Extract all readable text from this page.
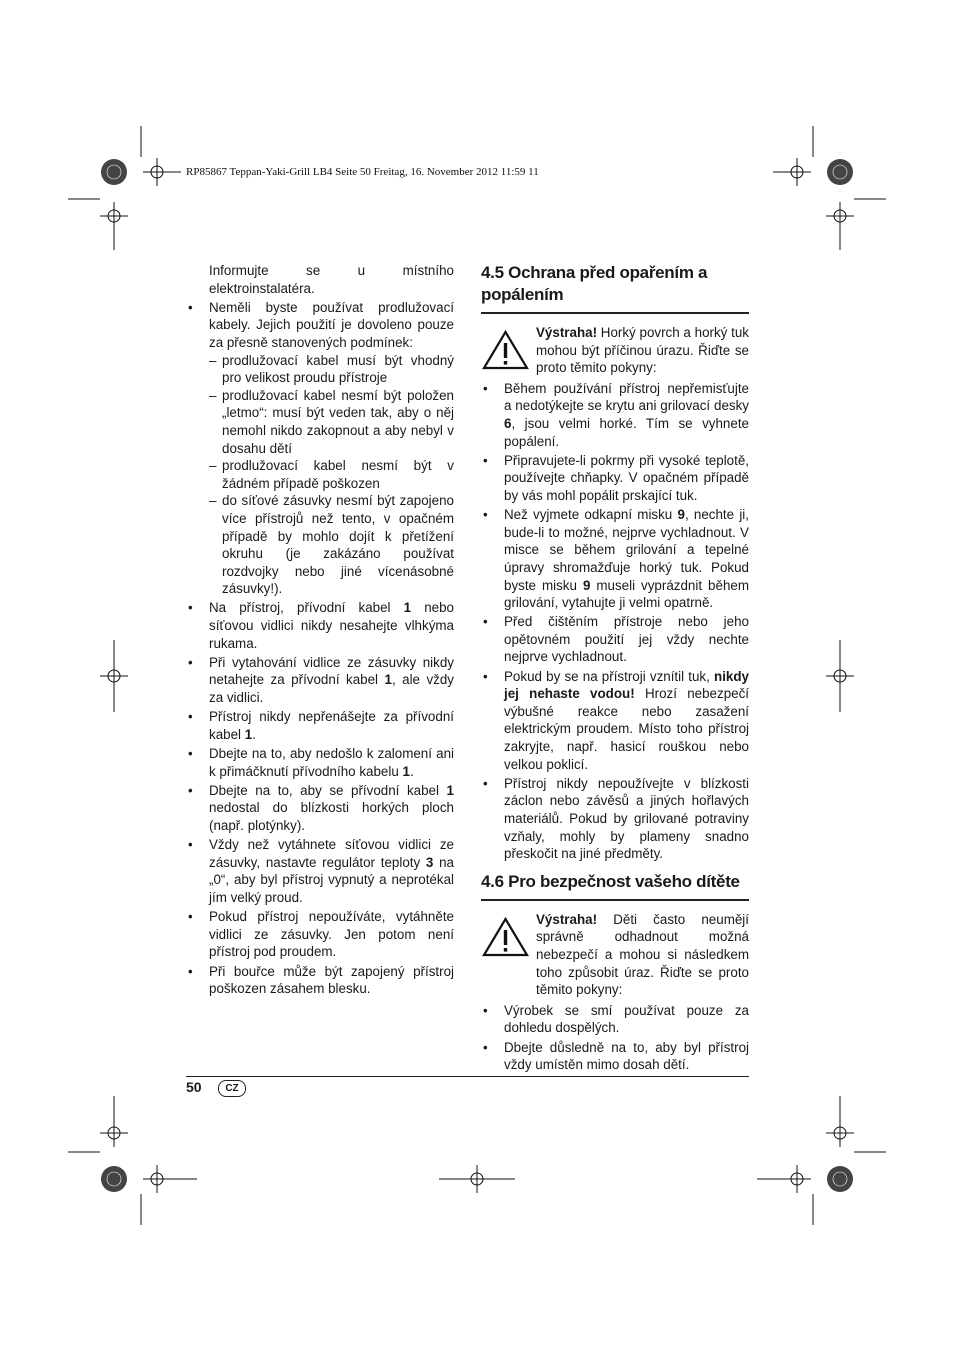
RP85867 Teppan-Yaki-Grill LB4 Seite 50 Freitag, 16. November 2012 11:59 11

Informujte se u místního elektroinstalatéra.

• Neměli byste používat prodlužovací kabely. Jejich použití je dovoleno pouze za přesně stanovených podmínek:
– prodlužovací kabel musí být vhodný pro velikost proudu přístroje
– prodlužovací kabel nesmí být položen „letmo“: musí být veden tak, aby o něj nemohl nikdo zakopnout a aby nebyl v dosahu dětí
– prodlužovací kabel nesmí být v žádném případě poškozen
– do síťové zásuvky nesmí být zapojeno více přístrojů než tento, v opačném případě by mohlo dojít k přetížení okruhu (je zakázáno používat rozdvojky nebo jiné vícenásobné zásuvky!).
• Na přístroj, přívodní kabel 1 nebo síťovou vidlici nikdy nesahejte vlhkýma rukama.
• Při vytahování vidlice ze zásuvky nikdy netahejte za přívodní kabel 1, ale vždy za vidlici.
• Přístroj nikdy nepřenášejte za přívodní kabel 1.
• Dbejte na to, aby nedošlo k zalomení ani k přimáčknutí přívodního kabelu 1.
• Dbejte na to, aby se přívodní kabel 1 nedostal do blízkosti horkých ploch (např. plotýnky).
• Vždy než vytáhnete síťovou vidlici ze zásuvky, nastavte regulátor teploty 3 na „0“, aby byl přístroj vypnutý a neprotékal jím velký proud.
• Pokud přístroj nepoužíváte, vytáhněte vidlici ze zásuvky. Jen potom není přístroj pod proudem.
• Při bouřce může být zapojený přístroj poškozen zásahem blesku.
4.5 Ochrana před opařením a popálením

Výstraha! Horký povrch a horký tuk mohou být příčinou úrazu. Řiďte se proto těmito pokyny:

• Během používání přístroj nepřemisťujte a nedotýkejte se krytu ani grilovací desky 6, jsou velmi horké. Tím se vyhnete popálení.
• Připravujete-li pokrmy při vysoké teplotě, používejte chňapky. V opačném případě by vás mohl popálit prskající tuk.
• Než vyjmete odkapní misku 9, nechte ji, bude-li to možné, nejprve vychladnout. V misce se během grilování a tepelné úpravy shromažďuje horký tuk. Pokud byste misku 9 museli vyprázdnit během grilování, vytahujte ji velmi opatrně.
• Před čištěním přístroje nebo jeho opětovném použití jej vždy nechte nejprve vychladnout.
• Pokud by se na přístroji vznítil tuk, nikdy jej nehaste vodou! Hrozí nebezpečí výbušné reakce nebo zasažení elektrickým proudem. Místo toho přístroj zakryjte, např. hasicí rouškou nebo velkou poklicí.
• Přístroj nikdy nepoužívejte v blízkosti záclon nebo závěsů a jiných hořlavých materiálů. Pokud by grilované potraviny vzňaly, mohly by plameny snadno přeskočit na jiné předměty.
4.6 Pro bezpečnost vašeho dítěte

Výstraha! Děti často neumějí správně odhadnout možná nebezpečí a mohou si následkem toho způsobit úraz. Řiďte se proto těmito pokyny:

• Výrobek se smí používat pouze za dohledu dospělých.
• Dbejte důsledně na to, aby byl přístroj vždy umístěn mimo dosah dětí.
50	CZ
